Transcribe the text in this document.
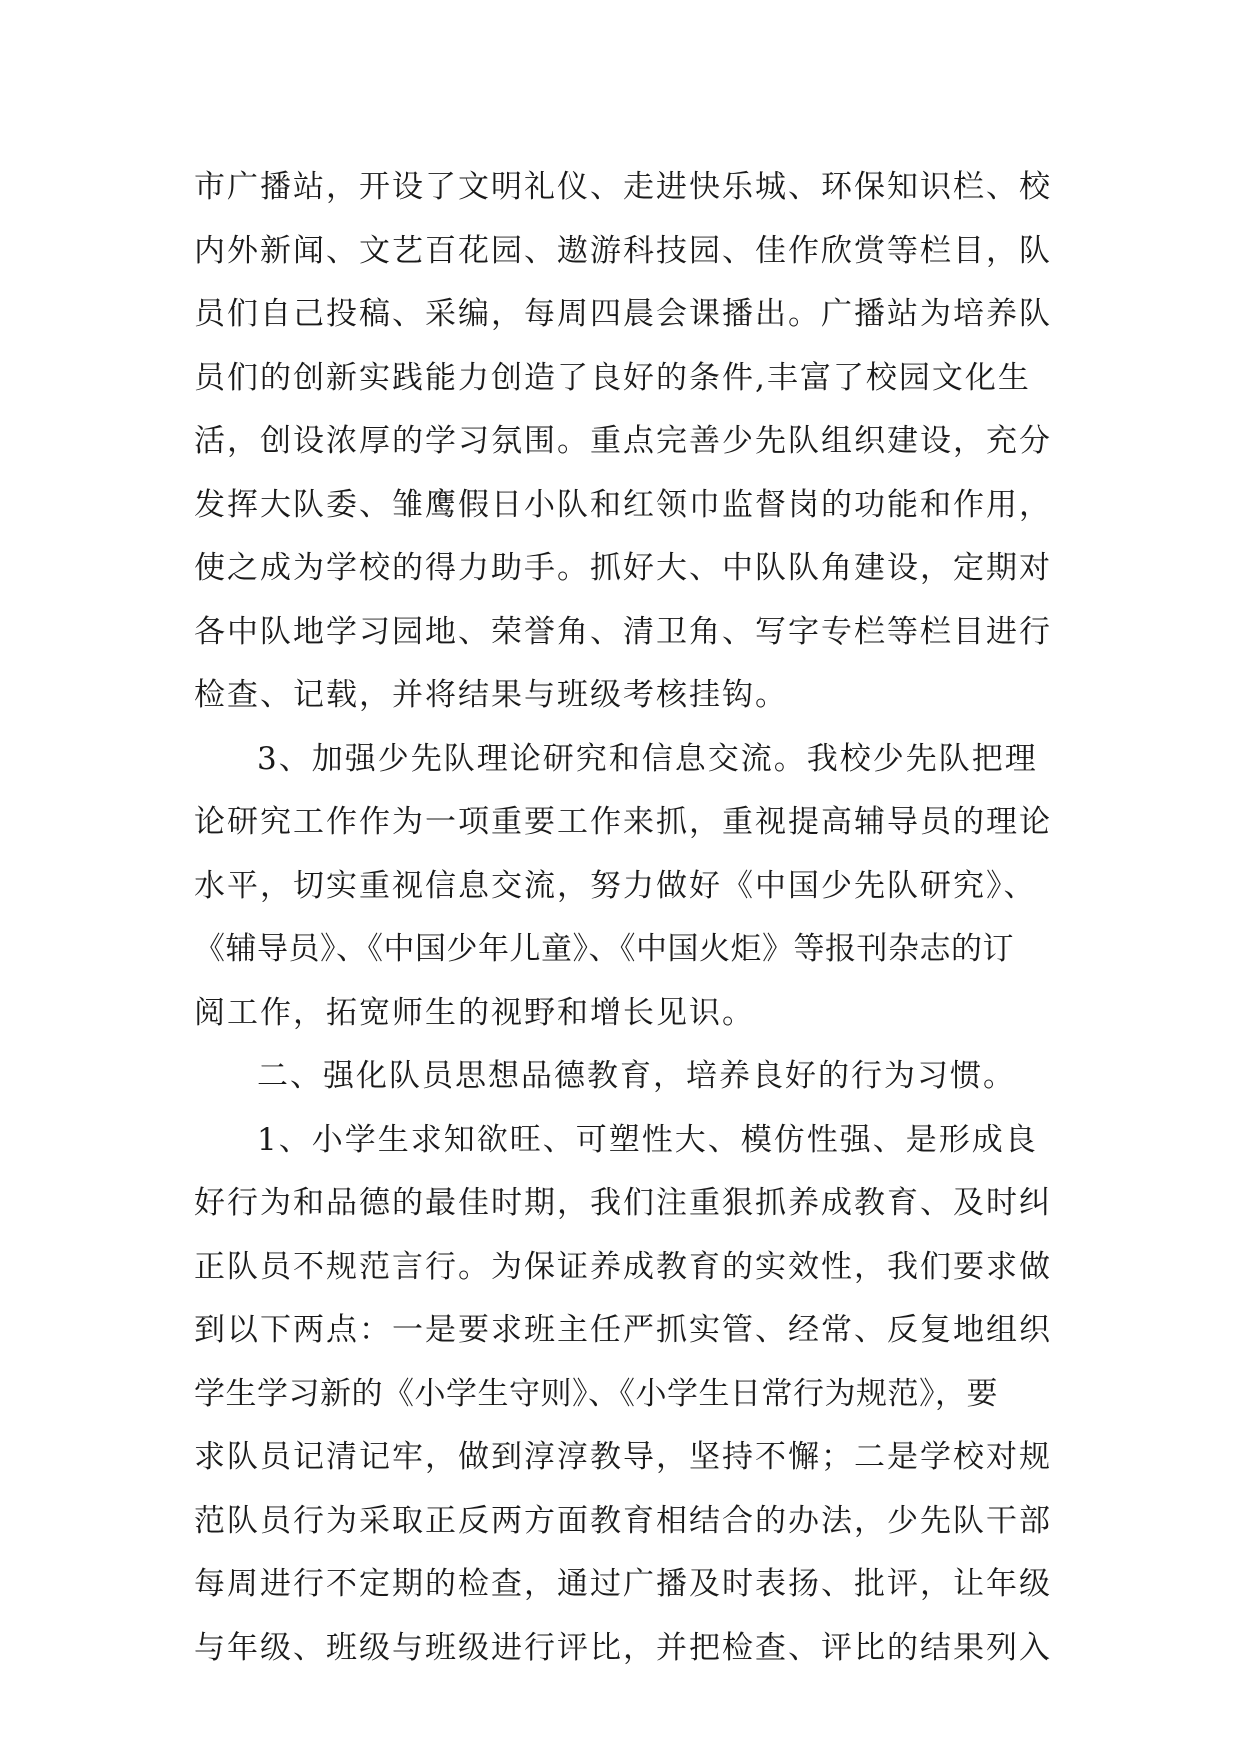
市广播站，开设了文明礼仪、走进快乐城、环保知识栏、校
内外新闻、文艺百花园、遨游科技园、佳作欣赏等栏目，队
员们自己投稿、采编，每周四晨会课播出。广播站为培养队
员们的创新实践能力创造了良好的条件,丰富了校园文化生
活，创设浓厚的学习氛围。重点完善少先队组织建设，充分
发挥大队委、雏鹰假日小队和红领巾监督岗的功能和作用，
使之成为学校的得力助手。抓好大、中队队角建设，定期对
各中队地学习园地、荣誉角、清卫角、写字专栏等栏目进行
检查、记载，并将结果与班级考核挂钩。
3、加强少先队理论研究和信息交流。我校少先队把理
论研究工作作为一项重要工作来抓，重视提高辅导员的理论
水平，切实重视信息交流，努力做好《中国少先队研究》、
《辅导员》、《中国少年儿童》、《中国火炬》等报刊杂志的订
阅工作，拓宽师生的视野和增长见识。
二、强化队员思想品德教育，培养良好的行为习惯。
1、小学生求知欲旺、可塑性大、模仿性强、是形成良
好行为和品德的最佳时期，我们注重狠抓养成教育、及时纠
正队员不规范言行。为保证养成教育的实效性，我们要求做
到以下两点：一是要求班主任严抓实管、经常、反复地组织
学生学习新的《小学生守则》、《小学生日常行为规范》，要
求队员记清记牢，做到淳淳教导，坚持不懈；二是学校对规
范队员行为采取正反两方面教育相结合的办法，少先队干部
每周进行不定期的检查，通过广播及时表扬、批评，让年级
与年级、班级与班级进行评比，并把检查、评比的结果列入
